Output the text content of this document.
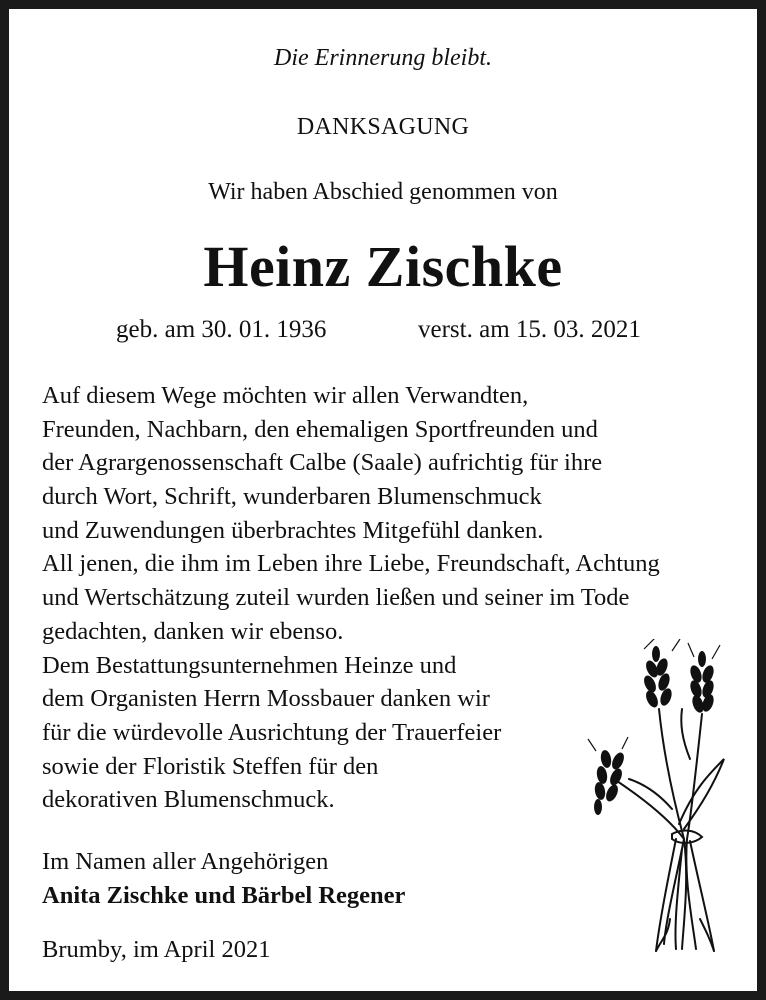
Die Erinnerung bleibt.
DANKSAGUNG
Wir haben Abschied genommen von
Heinz Zischke
geb. am 30. 01. 1936	verst. am 15. 03. 2021
Auf diesem Wege möchten wir allen Verwandten,
Freunden, Nachbarn, den ehemaligen Sportfreunden und
der Agrargenossenschaft Calbe (Saale) aufrichtig für ihre
durch Wort, Schrift, wunderbaren Blumenschmuck
und Zuwendungen überbrachtes Mitgefühl danken.
All jenen, die ihm im Leben ihre Liebe, Freundschaft, Achtung
und Wertschätzung zuteil wurden ließen und seiner im Tode
gedachten, danken wir ebenso.
Dem Bestattungsunternehmen Heinze und
dem Organisten Herrn Mossbauer danken wir
für die würdevolle Ausrichtung der Trauerfeier
sowie der Floristik Steffen für den
dekorativen Blumenschmuck.
Im Namen aller Angehörigen
Anita Zischke und Bärbel Regener
Brumby, im April 2021
